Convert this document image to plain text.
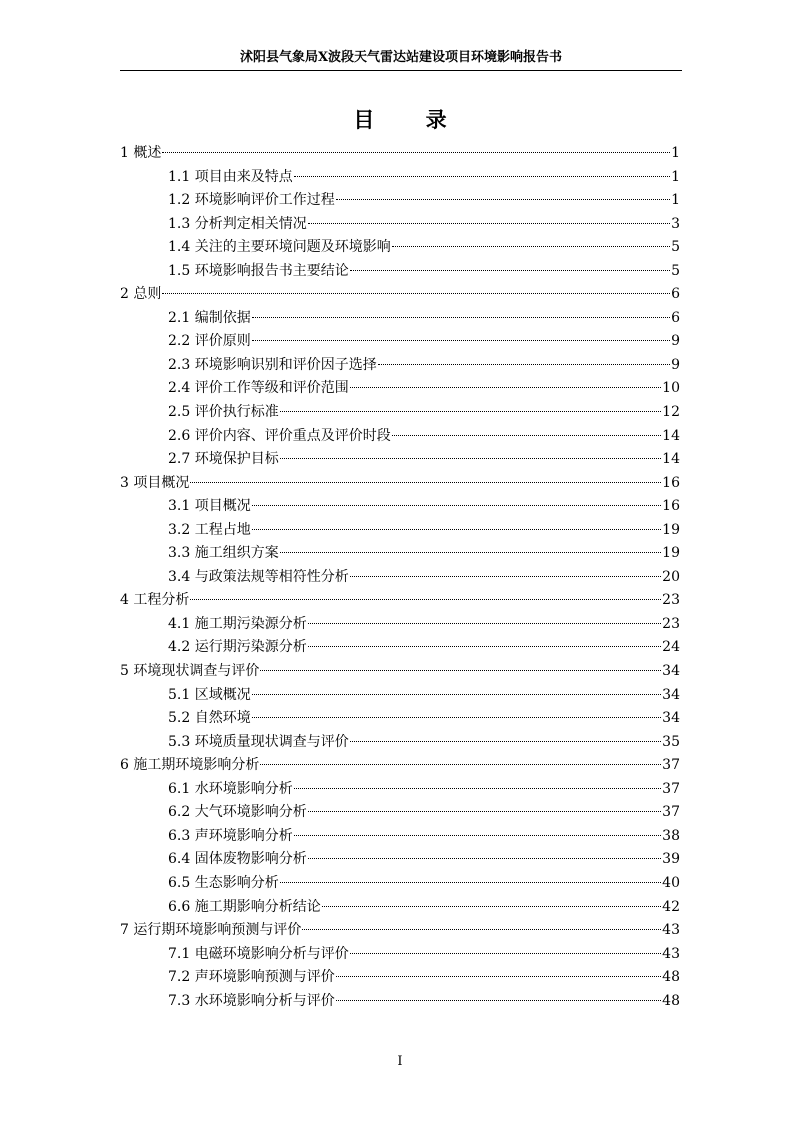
沭阳县气象局X波段天气雷达站建设项目环境影响报告书
目 录
1 概述	1
1.1 项目由来及特点	1
1.2 环境影响评价工作过程	1
1.3 分析判定相关情况	3
1.4 关注的主要环境问题及环境影响	5
1.5 环境影响报告书主要结论	5
2 总则	6
2.1 编制依据	6
2.2 评价原则	9
2.3 环境影响识别和评价因子选择	9
2.4 评价工作等级和评价范围	10
2.5 评价执行标准	12
2.6 评价内容、评价重点及评价时段	14
2.7 环境保护目标	14
3 项目概况	16
3.1 项目概况	16
3.2 工程占地	19
3.3 施工组织方案	19
3.4 与政策法规等相符性分析	20
4 工程分析	23
4.1 施工期污染源分析	23
4.2 运行期污染源分析	24
5 环境现状调查与评价	34
5.1 区域概况	34
5.2 自然环境	34
5.3 环境质量现状调查与评价	35
6 施工期环境影响分析	37
6.1 水环境影响分析	37
6.2 大气环境影响分析	37
6.3 声环境影响分析	38
6.4 固体废物影响分析	39
6.5 生态影响分析	40
6.6 施工期影响分析结论	42
7 运行期环境影响预测与评价	43
7.1 电磁环境影响分析与评价	43
7.2 声环境影响预测与评价	48
7.3 水环境影响分析与评价	48
I
